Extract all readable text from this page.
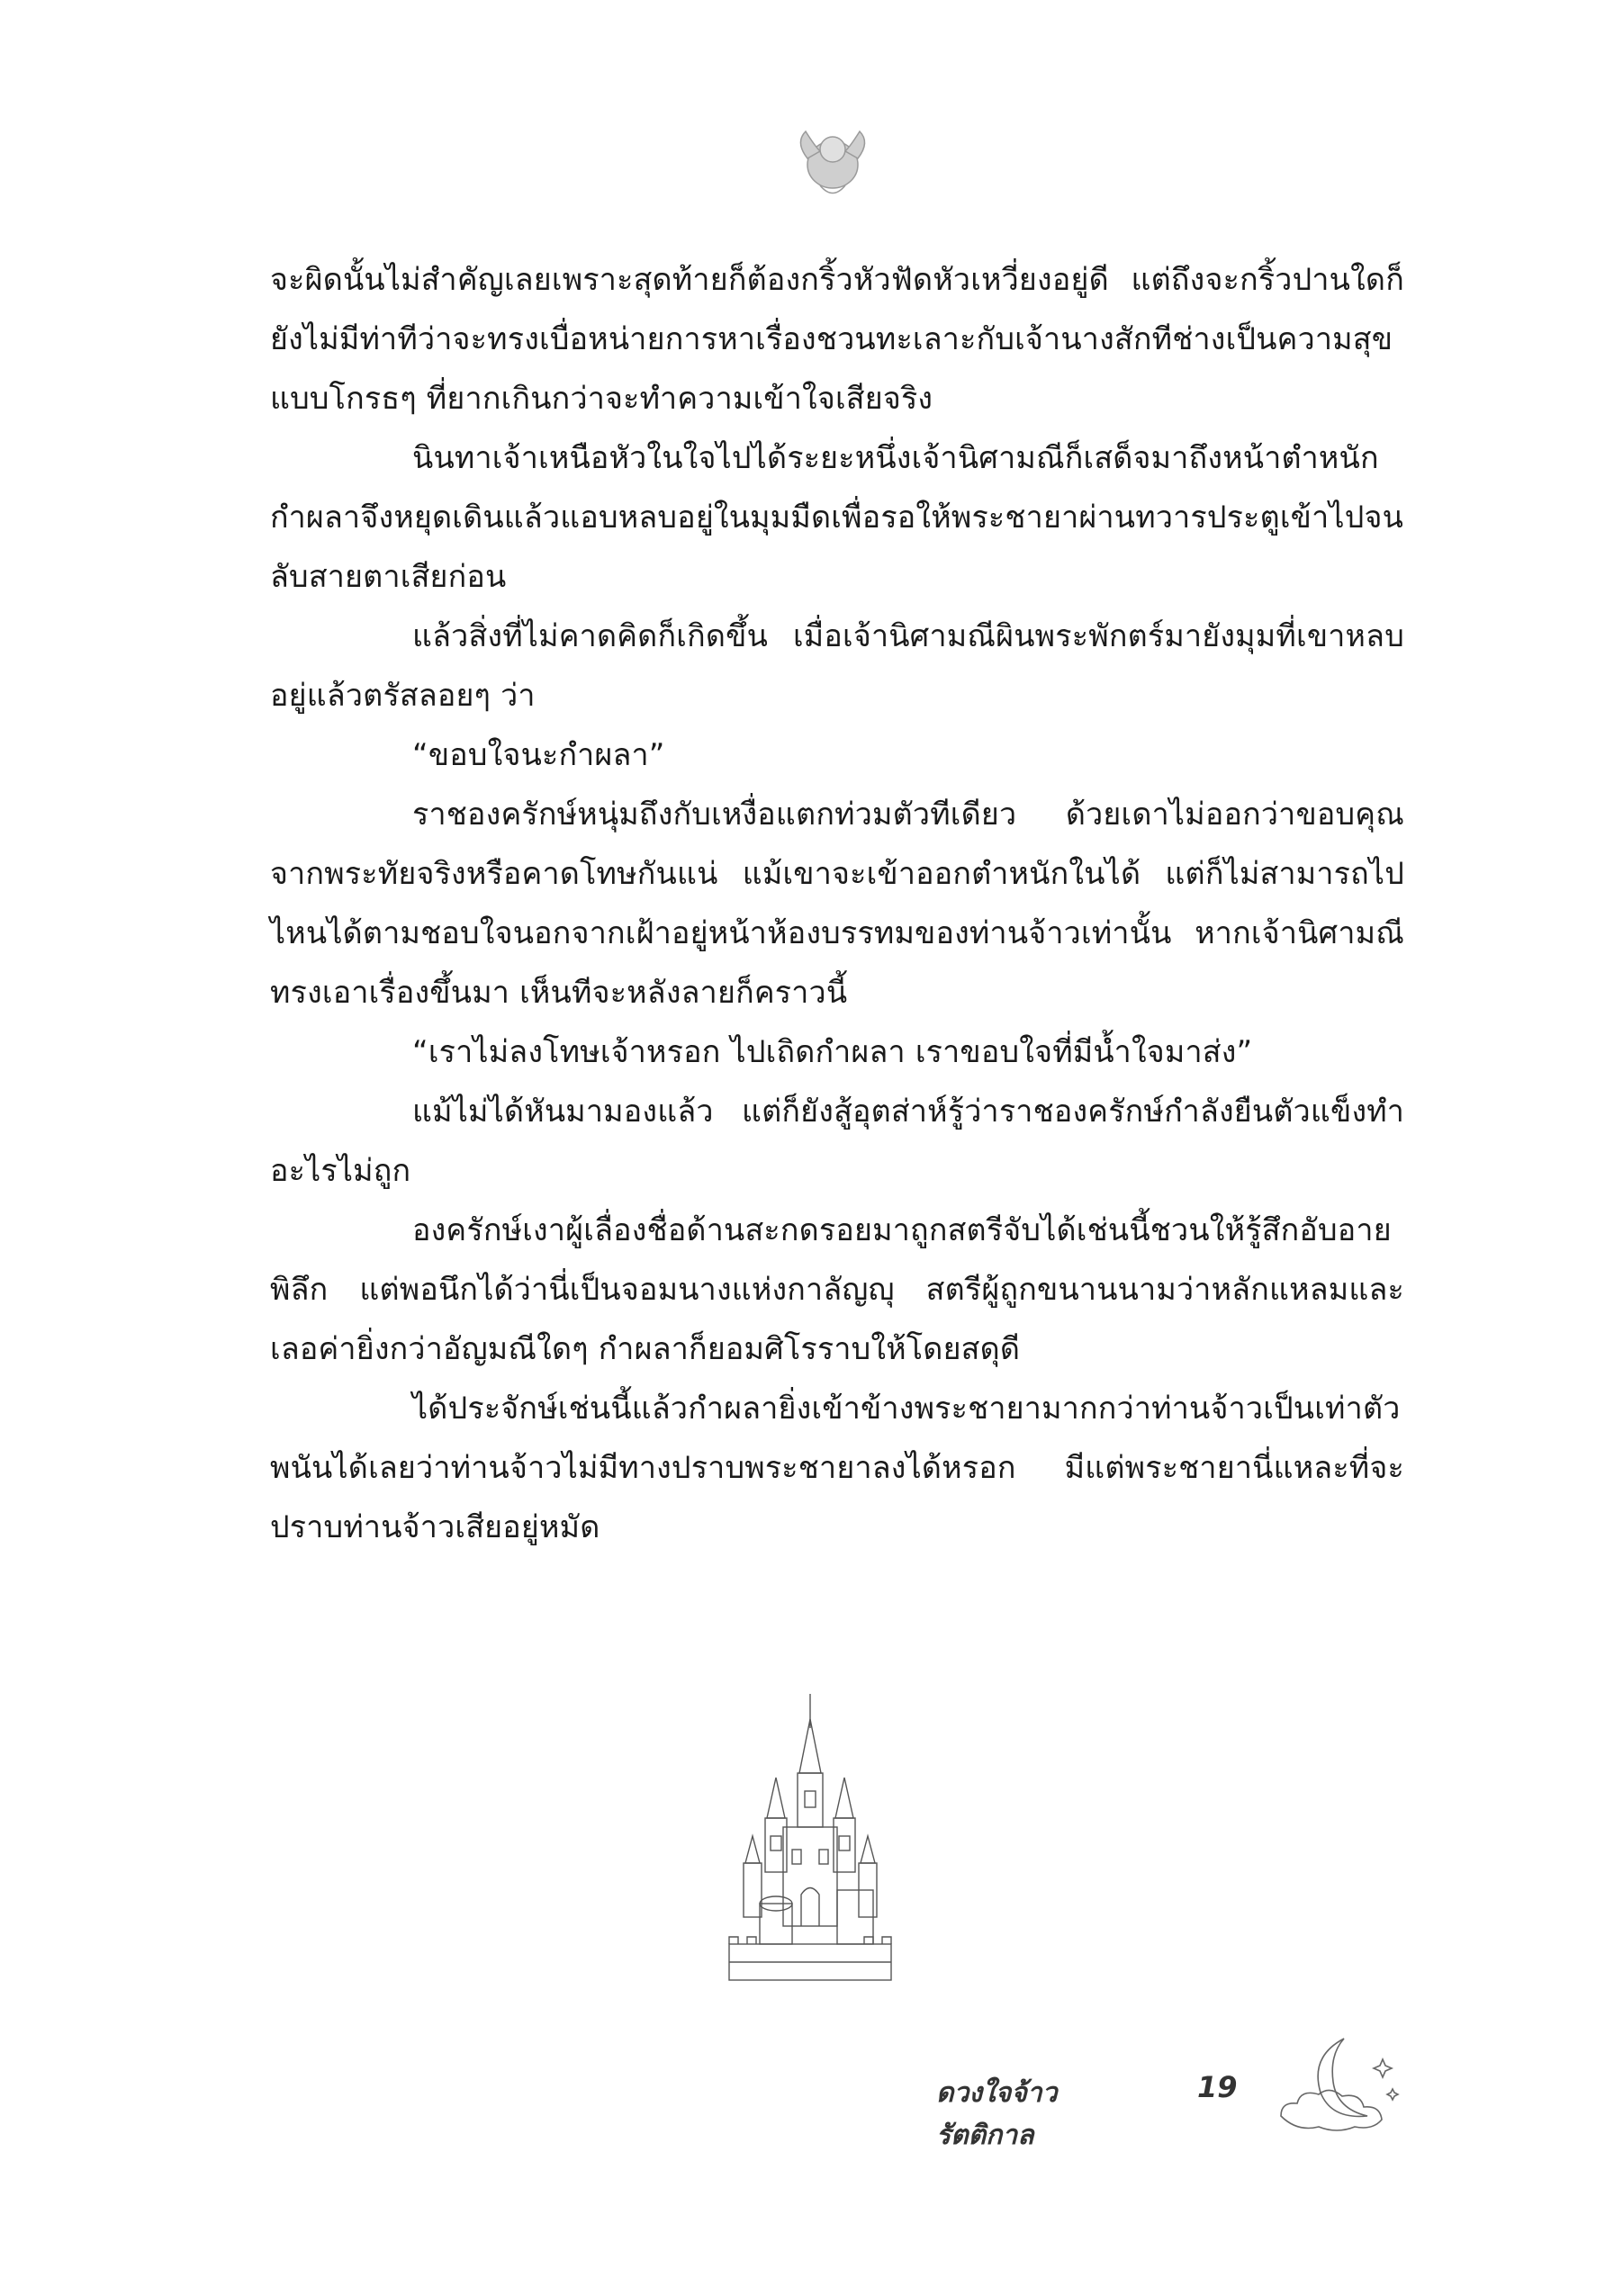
จะผิดนั้นไม่สำคัญเลยเพราะสุดท้ายก็ต้องกริ้วหัวฟัดหัวเหวี่ยงอยู่ดี แต่ถึงจะกริ้วปานใดก็ยังไม่มีท่าทีว่าจะทรงเบื่อหน่ายการหาเรื่องชวนทะเลาะกับเจ้านางสักทีช่างเป็นความสุขแบบโกรธๆ ที่ยากเกินกว่าจะทำความเข้าใจเสียจริง

นินทาเจ้าเหนือหัวในใจไปได้ระยะหนึ่งเจ้านิศามณีก็เสด็จมาถึงหน้าตำหนัก กำผลาจึงหยุดเดินแล้วแอบหลบอยู่ในมุมมืดเพื่อรอให้พระชายาผ่านทวารประตูเข้าไปจนลับสายตาเสียก่อน

แล้วสิ่งที่ไม่คาดคิดก็เกิดขึ้น เมื่อเจ้านิศามณีผินพระพักตร์มายังมุมที่เขาหลบอยู่แล้วตรัสลอยๆ ว่า

“ขอบใจนะกำผลา”

ราชองครักษ์หนุ่มถึงกับเหงื่อแตกท่วมตัวทีเดียว ด้วยเดาไม่ออกว่าขอบคุณจากพระทัยจริงหรือคาดโทษกันแน่ แม้เขาจะเข้าออกตำหนักในได้ แต่ก็ไม่สามารถไปไหนได้ตามชอบใจนอกจากเฝ้าอยู่หน้าห้องบรรทมของท่านจ้าวเท่านั้น หากเจ้านิศามณีทรงเอาเรื่องขึ้นมา เห็นทีจะหลังลายก็คราวนี้

“เราไม่ลงโทษเจ้าหรอก ไปเถิดกำผลา เราขอบใจที่มีน้ำใจมาส่ง”

แม้ไม่ได้หันมามองแล้ว แต่ก็ยังสู้อุตส่าห์รู้ว่าราชองครักษ์กำลังยืนตัวแข็งทำอะไรไม่ถูก

องครักษ์เงาผู้เลื่องชื่อด้านสะกดรอยมาถูกสตรีจับได้เช่นนี้ชวนให้รู้สึกอับอายพิลึก แต่พอนึกได้ว่านี่เป็นจอมนางแห่งกาลัญญุ สตรีผู้ถูกขนานนามว่าหลักแหลมและเลอค่ายิ่งกว่าอัญมณีใดๆ กำผลาก็ยอมศิโรราบให้โดยสดุดี

ได้ประจักษ์เช่นนี้แล้วกำผลายิ่งเข้าข้างพระชายามากกว่าท่านจ้าวเป็นเท่าตัว พนันได้เลยว่าท่านจ้าวไม่มีทางปราบพระชายาลงได้หรอก มีแต่พระชายานี่แหละที่จะปราบท่านจ้าวเสียอยู่หมัด

ดวงใจจ้าวรัตติกาล
19
